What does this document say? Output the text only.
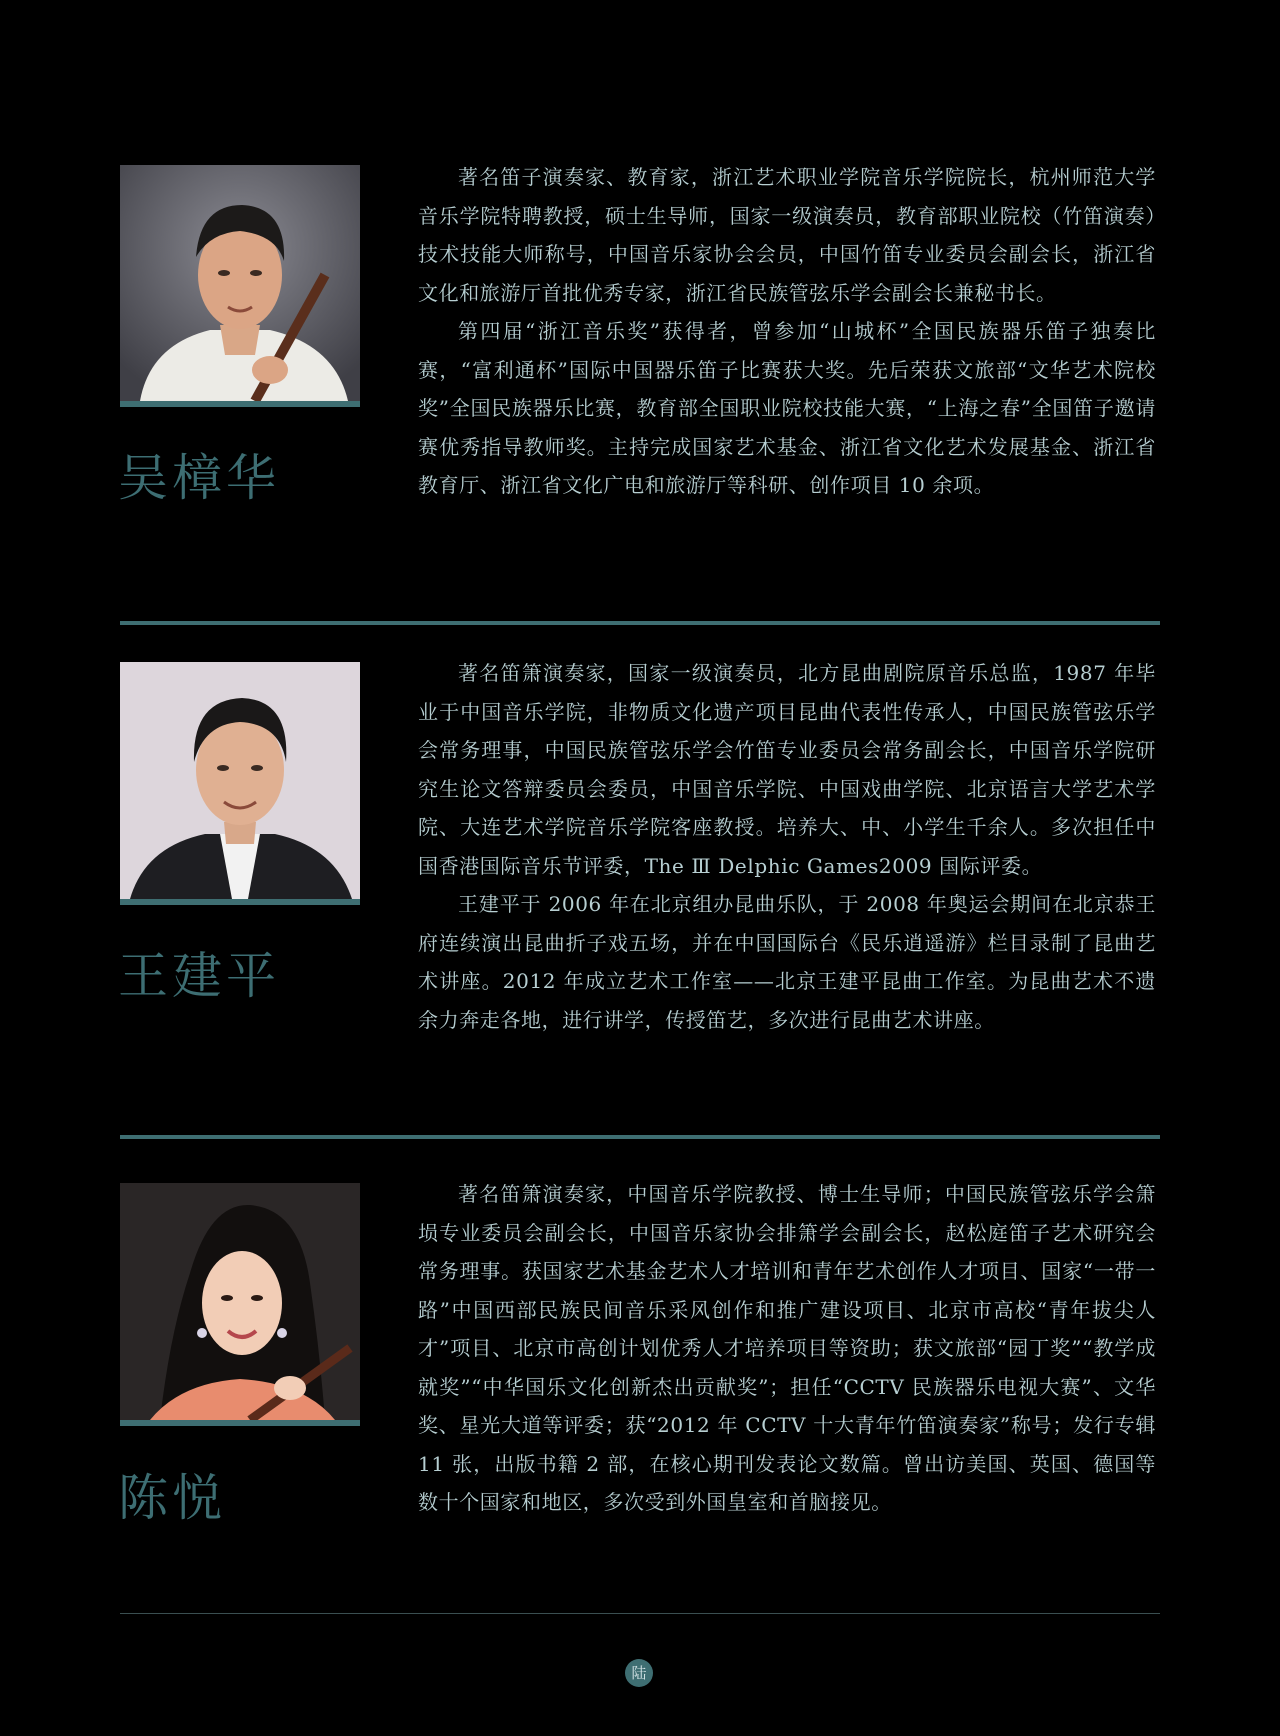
吴樟华

著名笛子演奏家、教育家，浙江艺术职业学院音乐学院院长，杭州师范大学音乐学院特聘教授，硕士生导师，国家一级演奏员，教育部职业院校（竹笛演奏）技术技能大师称号，中国音乐家协会会员，中国竹笛专业委员会副会长，浙江省文化和旅游厅首批优秀专家，浙江省民族管弦乐学会副会长兼秘书长。

第四届“浙江音乐奖”获得者，曾参加“山城杯”全国民族器乐笛子独奏比赛，“富利通杯”国际中国器乐笛子比赛获大奖。先后荣获文旅部“文华艺术院校奖”全国民族器乐比赛，教育部全国职业院校技能大赛，“上海之春”全国笛子邀请赛优秀指导教师奖。主持完成国家艺术基金、浙江省文化艺术发展基金、浙江省教育厅、浙江省文化广电和旅游厅等科研、创作项目 10 余项。

王建平

著名笛箫演奏家，国家一级演奏员，北方昆曲剧院原音乐总监，1987 年毕业于中国音乐学院，非物质文化遗产项目昆曲代表性传承人，中国民族管弦乐学会常务理事，中国民族管弦乐学会竹笛专业委员会常务副会长，中国音乐学院研究生论文答辩委员会委员，中国音乐学院、中国戏曲学院、北京语言大学艺术学院、大连艺术学院音乐学院客座教授。培养大、中、小学生千余人。多次担任中国香港国际音乐节评委，The Ⅲ Delphic Games2009 国际评委。

王建平于 2006 年在北京组办昆曲乐队，于 2008 年奥运会期间在北京恭王府连续演出昆曲折子戏五场，并在中国国际台《民乐逍遥游》栏目录制了昆曲艺术讲座。2012 年成立艺术工作室——北京王建平昆曲工作室。为昆曲艺术不遗余力奔走各地，进行讲学，传授笛艺，多次进行昆曲艺术讲座。

陈悦

著名笛箫演奏家，中国音乐学院教授、博士生导师；中国民族管弦乐学会箫埙专业委员会副会长，中国音乐家协会排箫学会副会长，赵松庭笛子艺术研究会常务理事。获国家艺术基金艺术人才培训和青年艺术创作人才项目、国家“一带一路”中国西部民族民间音乐采风创作和推广建设项目、北京市高校“青年拔尖人才”项目、北京市高创计划优秀人才培养项目等资助；获文旅部“园丁奖”“教学成就奖”“中华国乐文化创新杰出贡献奖”；担任“CCTV 民族器乐电视大赛”、文华奖、星光大道等评委；获“2012 年 CCTV 十大青年竹笛演奏家”称号；发行专辑 11 张，出版书籍 2 部，在核心期刊发表论文数篇。曾出访美国、英国、德国等数十个国家和地区，多次受到外国皇室和首脑接见。

陆
